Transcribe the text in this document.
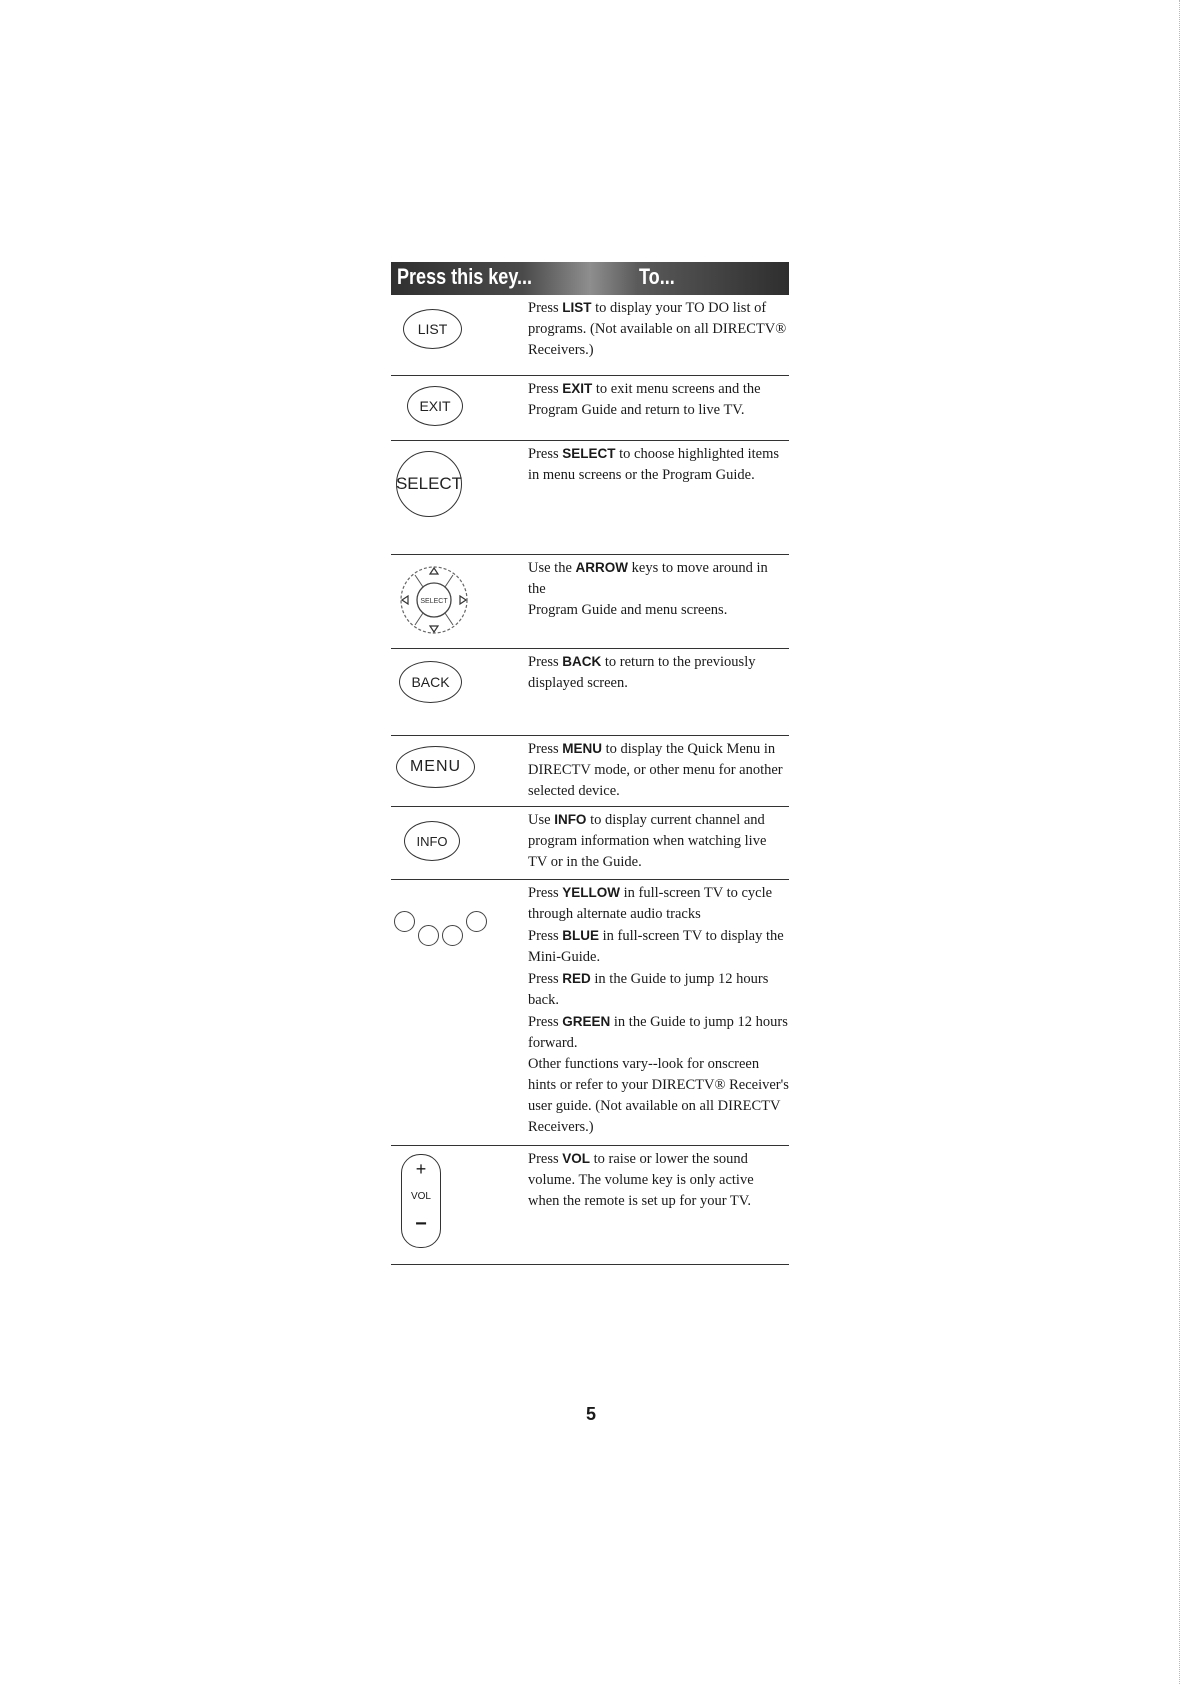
Press this key...	To...
LIST
Press LIST to display your TO DO list of
programs. (Not available on all DIRECTV®
Receivers.)
EXIT
Press EXIT to exit menu screens and the
Program Guide and return to live TV.
SELECT
Press SELECT to choose highlighted items
in menu screens or the Program Guide.
SELECT
Use the ARROW keys to move around in the
Program Guide and menu screens.
BACK
Press BACK to return to the previously
displayed screen.
MENU
Press MENU to display the Quick Menu in
DIRECTV mode, or other menu for another
selected device.
INFO
Use INFO to display current channel and
program information when watching live
TV or in the Guide.
Press YELLOW in full-screen TV to cycle
through alternate audio tracks
Press BLUE in full-screen TV to display the
Mini-Guide.
Press RED in the Guide to jump 12 hours
back.
Press GREEN in the Guide to jump 12 hours
forward.
Other functions vary--look for onscreen
hints or refer to your DIRECTV® Receiver's
user guide. (Not available on all DIRECTV
Receivers.)
+
VOL
−
Press VOL to raise or lower the sound
volume. The volume key is only active
when the remote is set up for your TV.
5
